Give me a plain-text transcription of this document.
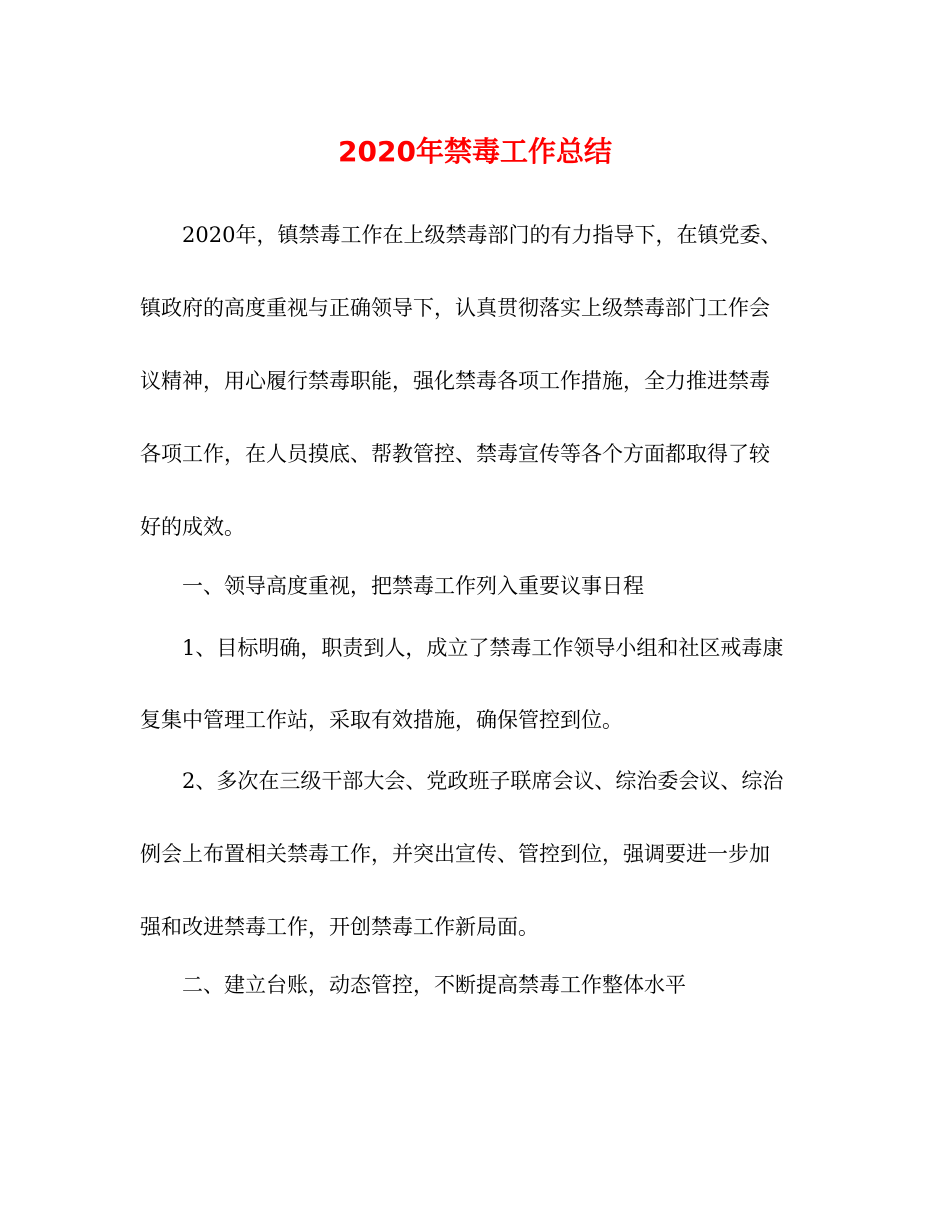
2020年禁毒工作总结

2020年，镇禁毒工作在上级禁毒部门的有力指导下，在镇党委、

镇政府的高度重视与正确领导下，认真贯彻落实上级禁毒部门工作会

议精神，用心履行禁毒职能，强化禁毒各项工作措施，全力推进禁毒

各项工作，在人员摸底、帮教管控、禁毒宣传等各个方面都取得了较

好的成效。

一、领导高度重视，把禁毒工作列入重要议事日程

1、目标明确，职责到人，成立了禁毒工作领导小组和社区戒毒康

复集中管理工作站，采取有效措施，确保管控到位。

2、多次在三级干部大会、党政班子联席会议、综治委会议、综治

例会上布置相关禁毒工作，并突出宣传、管控到位，强调要进一步加

强和改进禁毒工作，开创禁毒工作新局面。

二、建立台账，动态管控，不断提高禁毒工作整体水平
